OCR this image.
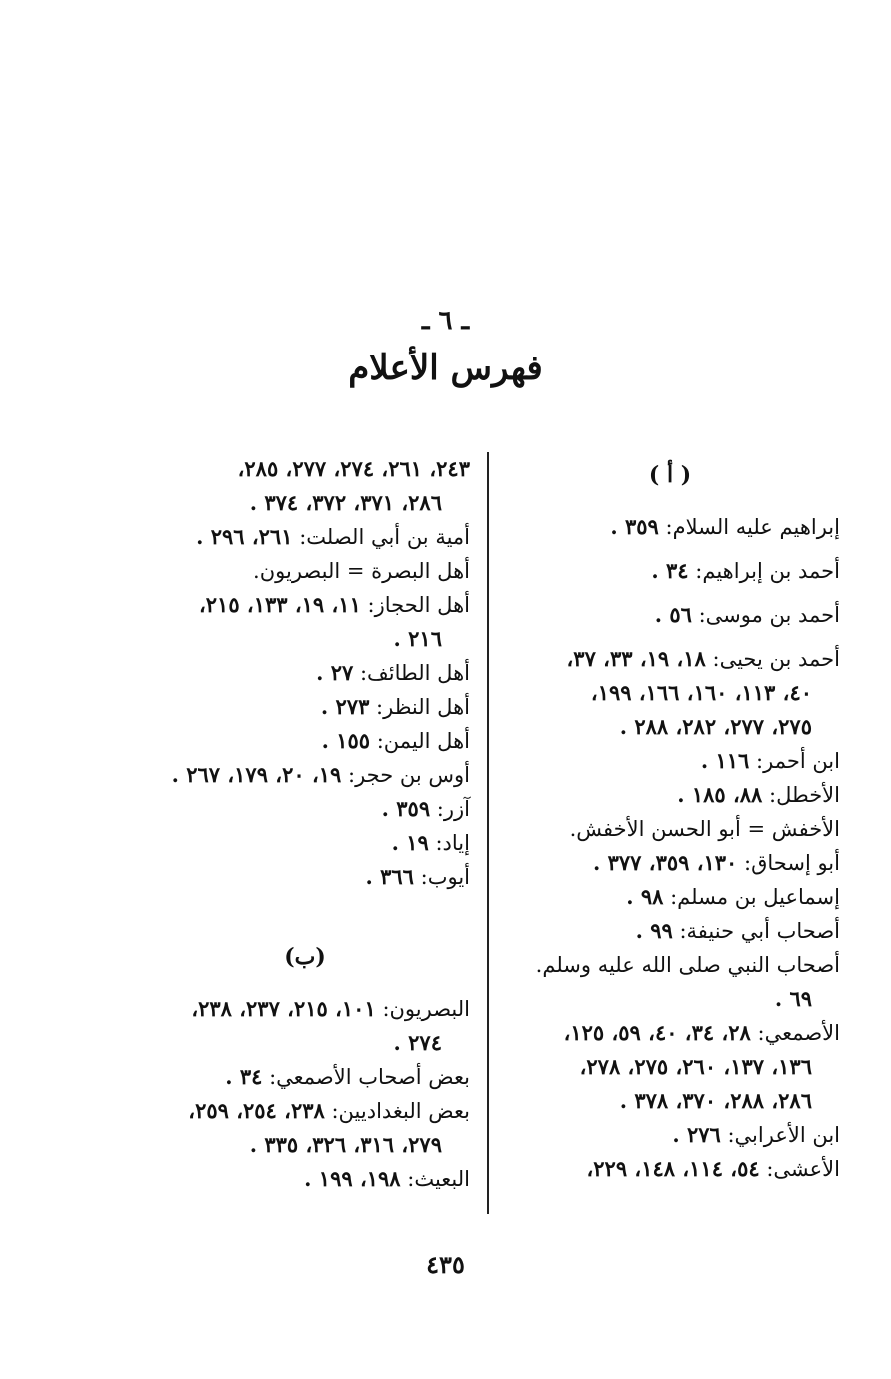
ـ ٦ ـ
فهرس الأعلام
( أ )
إبراهيم عليه السلام: ٣٥٩ .
أحمد بن إبراهيم: ٣٤ .
أحمد بن موسى: ٥٦ .
أحمد بن يحيى: ١٨، ١٩، ٣٣، ٣٧،
٤٠، ١١٣، ١٦٠، ١٦٦، ١٩٩،
٢٧٥، ٢٧٧، ٢٨٢، ٢٨٨ .
ابن أحمر: ١١٦ .
الأخطل: ٨٨، ١٨٥ .
الأخفش = أبو الحسن الأخفش.
أبو إسحاق: ١٣٠، ٣٥٩، ٣٧٧ .
إسماعيل بن مسلم: ٩٨ .
أصحاب أبي حنيفة: ٩٩ .
أصحاب النبي صلى الله عليه وسلم.
٦٩ .
الأصمعي: ٢٨، ٣٤، ٤٠، ٥٩، ١٢٥،
١٣٦، ١٣٧، ٢٦٠، ٢٧٥، ٢٧٨،
٢٨٦، ٢٨٨، ٣٧٠، ٣٧٨ .
ابن الأعرابي: ٢٧٦ .
الأعشى: ٥٤، ١١٤، ١٤٨، ٢٢٩،
٢٤٣، ٢٦١، ٢٧٤، ٢٧٧، ٢٨٥،
٢٨٦، ٣٧١، ٣٧٢، ٣٧٤ .
أمية بن أبي الصلت: ٢٦١، ٢٩٦ .
أهل البصرة = البصريون.
أهل الحجاز: ١١، ١٩، ١٣٣، ٢١٥،
٢١٦ .
أهل الطائف: ٢٧ .
أهل النظر: ٢٧٣ .
أهل اليمن: ١٥٥ .
أوس بن حجر: ١٩، ٢٠، ١٧٩، ٢٦٧ .
آزر: ٣٥٩ .
إياد: ١٩ .
أيوب: ٣٦٦ .
(ب)
البصريون: ١٠١، ٢١٥، ٢٣٧، ٢٣٨،
٢٧٤ .
بعض أصحاب الأصمعي: ٣٤ .
بعض البغداديين: ٢٣٨، ٢٥٤، ٢٥٩،
٢٧٩، ٣١٦، ٣٢٦، ٣٣٥ .
البعيث: ١٩٨، ١٩٩ .
٤٣٥
